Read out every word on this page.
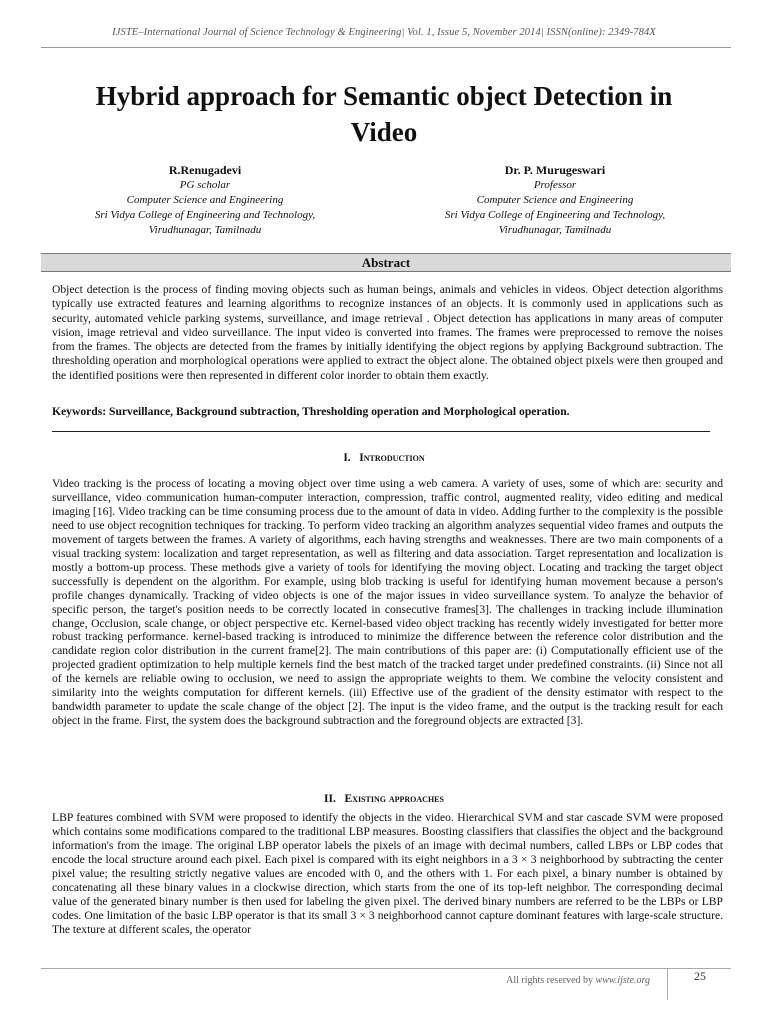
IJSTE–International Journal of Science Technology & Engineering| Vol. 1, Issue 5, November 2014| ISSN(online): 2349-784X
Hybrid approach for Semantic object Detection in Video
R.Renugadevi
PG scholar
Computer Science and Engineering
Sri Vidya College of Engineering and Technology,
Virudhunagar, Tamilnadu
Dr. P. Murugeswari
Professor
Computer Science and Engineering
Sri Vidya College of Engineering and Technology,
Virudhunagar, Tamilnadu
Abstract

Object detection is the process of finding moving objects such as human beings, animals and vehicles in videos. Object detection algorithms typically use extracted features and learning algorithms to recognize instances of an objects. It is commonly used in applications such as security, automated vehicle parking systems, surveillance, and image retrieval . Object detection has applications in many areas of computer vision, image retrieval and video surveillance. The input video is converted into frames. The frames were preprocessed to remove the noises from the frames. The objects are detected from the frames by initially identifying the object regions by applying Background subtraction. The thresholding operation and morphological operations were applied to extract the object alone. The obtained object pixels were then grouped and the identified positions were then represented in different color inorder to obtain them exactly.

Keywords: Surveillance, Background subtraction, Thresholding operation and Morphological operation.

I. Introduction

Video tracking is the process of locating a moving object over time using a web camera. A variety of uses, some of which are: security and surveillance, video communication human-computer interaction, compression, traffic control, augmented reality, video editing and medical imaging [16]. Video tracking can be time consuming process due to the amount of data in video. Adding further to the complexity is the possible need to use object recognition techniques for tracking. To perform video tracking an algorithm analyzes sequential video frames and outputs the movement of targets between the frames. A variety of algorithms, each having strengths and weaknesses. There are two main components of a visual tracking system: localization and target representation, as well as filtering and data association. Target representation and localization is mostly a bottom-up process. These methods give a variety of tools for identifying the moving object. Locating and tracking the target object successfully is dependent on the algorithm. For example, using blob tracking is useful for identifying human movement because a person's profile changes dynamically. Tracking of video objects is one of the major issues in video surveillance system. To analyze the behavior of specific person, the target's position needs to be correctly located in consecutive frames[3]. The challenges in tracking include illumination change, Occlusion, scale change, or object perspective etc. Kernel-based video object tracking has recently widely investigated for better more robust tracking performance. kernel-based tracking is introduced to minimize the difference between the reference color distribution and the candidate region color distribution in the current frame[2]. The main contributions of this paper are: (i) Computationally efficient use of the projected gradient optimization to help multiple kernels find the best match of the tracked target under predefined constraints. (ii) Since not all of the kernels are reliable owing to occlusion, we need to assign the appropriate weights to them. We combine the velocity consistent and similarity into the weights computation for different kernels. (iii) Effective use of the gradient of the density estimator with respect to the bandwidth parameter to update the scale change of the object [2]. The input is the video frame, and the output is the tracking result for each object in the frame. First, the system does the background subtraction and the foreground objects are extracted [3].

II. Existing approaches

LBP features combined with SVM were proposed to identify the objects in the video. Hierarchical SVM and star cascade SVM were proposed which contains some modifications compared to the traditional LBP measures. Boosting classifiers that classifies the object and the background information's from the image. The original LBP operator labels the pixels of an image with decimal numbers, called LBPs or LBP codes that encode the local structure around each pixel. Each pixel is compared with its eight neighbors in a 3 × 3 neighborhood by subtracting the center pixel value; the resulting strictly negative values are encoded with 0, and the others with 1. For each pixel, a binary number is obtained by concatenating all these binary values in a clockwise direction, which starts from the one of its top-left neighbor. The corresponding decimal value of the generated binary number is then used for labeling the given pixel. The derived binary numbers are referred to be the LBPs or LBP codes. One limitation of the basic LBP operator is that its small 3 × 3 neighborhood cannot capture dominant features with large-scale structure. The texture at different scales, the operator

All rights reserved by www.ijste.org	25
